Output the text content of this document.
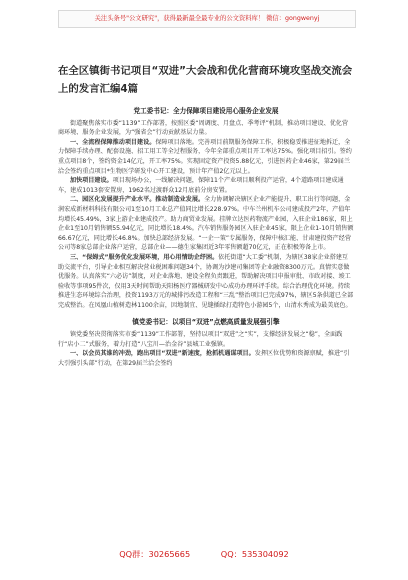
关注头条号"公文研究"，获得最新最全最专业的公文资料库！ 微信：gongwenyj
在全区镇街书记项目“双进”大会战和优化营商环境攻坚战交流会上的发言汇编4篇
党工委书记：全力保障项目建设用心服务企业发展

街道聚焦落实市委“1139”工作部署，按照区委“周调度、月盘点、季考评”机制，推动项目建设、优化营商环境、服务企业发展，为“强省会”行动贡献基层力量。

一、全流程保障推动项目建设。保障项目落地。完善项目前期服务保障工作，积极稳妥推进征地拆迁，全力保障手续办理、配套设施、招工用工等全过程服务，今年全部重点项目开工率达75%。强化项目招引。签约重点项目8个，签约资金14亿元，开工率75%。实现固定资产投资5.88亿元，引进医药企业46家，第29届兰洽会签约重点项目*生物医学研发中心开工建设，预计年产值2亿元以上。

加快项目建设。项目现场办公，一线解决问题，保障11个产业项目顺利投产运营，4个道路项目建成通车，建成1013套安置房，1962名过渡群众12月底前分房安置。

二、园区化发展提升产业水平。推动制造业发展。全力协调解决辖区企业产能提升、职工出行等问题，金润宏成新材料科技有限公司1至10月工业总产值同比增长228.97%。中车兰州机车公司建成投产2年，产值年均增长45.49%，3家上游企业建成投产。助力商贸业发展。挂牌立达医药物流产业园，入驻企业186家，阳上企业1至10月销售额55.94亿元，同比增长18.4%。汽车销售服务园区入驻企业45家，限上企业1-10月销售额66.67亿元，同比增长46.8%。加快总部经济发展。“一企一策”专属服务，保障中核汇能、甘肃建投资产经营公司等8家总部企业落户运营，总部企业——德生家集团近3年零售额超70亿元，正在积极筹备上市。

三、“保姆式”服务优化发展环境，用心用情助企纾困。依托街道“大工委”机制，为辖区38家企业搭建互助交流平台，引导企业相互解决营业税困难问题34个，协调为沙建司集团等企业融资8300万元。真情实意做优服务。认真落实“六必访”制度，对企业落地、建设全程负责跟进，帮助解决项目申报审批、市政对接、竣工验收等事项95件次，仅用3天时间帮助天阳杨医疗器械研发中心成功办理环评手续。综合治理优化环境。持续推进生态环境综合治理，投资1193万元的城排污改造工程和“三乱”整治项目已完成97%，辖区5条供道已全部完成整治。在凤凰山植树造林1100余亩，因地制宜、见缝插绿打造特色小游园5个，山清水秀成为最美底色。

镇党委书记：以项目“双进”点燃高质量发展强引擎

镇党委坚决贯彻落实市委“1139”工作部署，坚持以项目“双进”之“实”，支撑经济发展之“稳”，全面践行“店小二”式服务，着力打造“八宝川—治金谷”县城工业强镇。

一、以会员其谁的冲劲，跑出项目“双进”新速度，抢抓机遇谋项目。发挥区位优势和资源禀赋，推进“引大引强引头部”行动，在第29届兰洽会签约

QQ群：30265665	QQ：535304092
